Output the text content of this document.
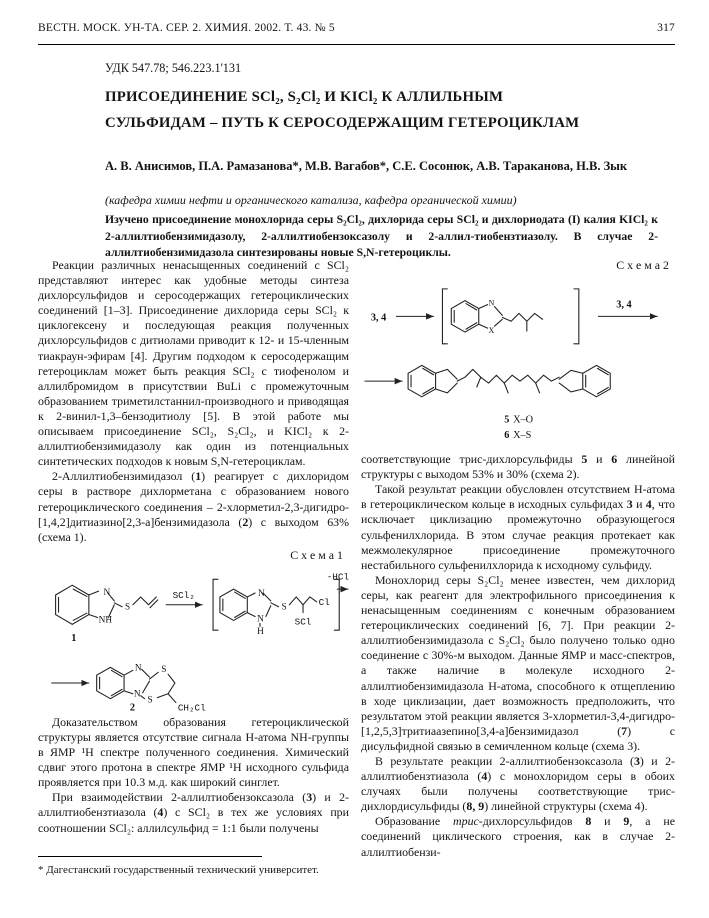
ВЕСТН. МОСК. УН-ТА. СЕР. 2. ХИМИЯ. 2002. Т. 43. № 5	317
УДК 547.78; 546.223.1'131
ПРИСОЕДИНЕНИЕ SCl₂, S₂Cl₂ И KICl₂ К АЛЛИЛЬНЫМ СУЛЬФИДАМ – ПУТЬ К СЕРОСОДЕРЖАЩИМ ГЕТЕРОЦИКЛАМ
А. В. Анисимов, П.А. Рамазанова*, М.В. Вагабов*, С.Е. Сосонюк, А.В. Тараканова, Н.В. Зык
(кафедра химии нефти и органического катализа, кафедра органической химии)
Изучено присоединение монохлорида серы S₂Cl₂, дихлорида серы SCl₂ и дихлориодата (I) калия KICl₂ к 2-аллилтиобензимидазолу, 2-аллилтиобензоксазолу и 2-аллил-тиобензтиазолу. В случае 2-аллилтиобензимидазола синтезированы новые S,N-гетероциклы.

Реакции различных ненасыщенных соединений с SCl₂ представляют интерес как удобные методы синтеза дихлорсульфидов и серосодержащих гетероциклических соединений [1–3]. Присоединение дихлорида серы SCl₂ к циклогексену и последующая реакция полученных дихлорсульфидов с дитиолами приводит к 12- и 15-членным тиакраун-эфирам [4]. Другим подходом к серосодержащим гетероциклам может быть реакция SCl₂ с тиофенолом и аллилбромидом в присутствии BuLi с промежуточным образованием триметилстаннил-производного и приводящая к 2-винил-1,3–бензодитиолу [5]. В этой работе мы описываем присоединение SCl₂, S₂Cl₂, и KICl₂ к 2-аллилтиобензимидазолу как один из потенциальных синтетических подходов к новым S,N-гетероциклам.

2-Аллилтиобензимидазол (1) реагирует с дихлоридом серы в растворе дихлорметана с образованием нового гетероциклического соединения – 2-хлорметил-2,3-дигидро-[1,4,2]дитиазино[2,3-а]бензимидазола (2) с выходом 63% (схема 1).

С х е м а 1
N
NH
S
1
SCl₂	N
N
H
S
SCl
Cl
-HCl
N
N
S
S
CH₂Cl
2

Доказательством образования гетероциклической структуры является отсутствие сигнала Н-атома NH-группы в ЯМР ¹Н спектре полученного соединения. Химический сдвиг этого протона в спектре ЯМР ¹Н исходного сульфида проявляется при 10.3 м.д. как широкий синглет.

При взаимодействии 2-аллилтиобензоксазола (3) и 2-аллилтиобензтиазола (4) с SCl₂ в тех же условиях при соотношении SCl₂: аллилсульфид = 1:1 были получены

С х е м а 2
3, 4
N
X
3, 4
5 X–O
6 X–S

соответствующие трис-дихлорсульфиды 5 и 6 линейной структуры с выходом 53% и 30% (схема 2).

Такой результат реакции обусловлен отсутствием Н-атома в гетероциклическом кольце в исходных сульфидах 3 и 4, что исключает циклизацию промежуточно образующегося сульфенилхлорида. В этом случае реакция протекает как межмолекулярное присоединение промежуточного нестабильного сульфенилхлорида к исходному сульфиду.

Монохлорид серы S₂Cl₂ менее известен, чем дихлорид серы, как реагент для электрофильного присоединения к ненасыщенным соединениям с конечным образованием гетероциклических соединений [6, 7]. При реакции 2-аллилтиобензимидазола с S₂Cl₂ было получено только одно соединение с 30%-м выходом. Данные ЯМР и масс-спектров, а также наличие в молекуле исходного 2-аллилтиобензимидазола Н-атома, способного к отщеплению в ходе циклизации, дает возможность предположить, что результатом этой реакции является 3-хлорметил-3,4-дигидро-[1,2,5,3]тритиаазепино[3,4-а]бензимидазол (7) с дисульфидной связью в семичленном кольце (схема 3).

В результате реакции 2-аллилтиобензоксазола (3) и 2-аллилтиобензтиазола (4) с монохлоридом серы в обоих случаях были получены соответствующие трис-дихлордисульфиды (8, 9) линейной структуры (схема 4).

Образование трис-дихлорсульфидов 8 и 9, а не соединений циклического строения, как в случае 2-аллилтиобензи-

* Дагестанский государственный технический университет.
